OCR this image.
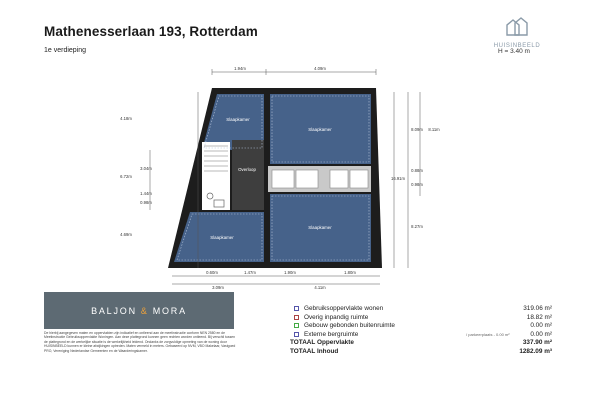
Mathenesserlaan 193, Rotterdam
1e verdieping
HUISINBEELD
H = 3.40 m
Slaapkamer
Slaapkamer
Overloop
Slaapkamer
Slaapkamer
1.94m	4.09m
0.60m	1.47m	1.90m	1.80m
3.09m	4.11m
4.18m
6.72m
4.69m
3.04m
1.44m
0.98m
8.09m 8.11m
0.88m
0.98m
8.27m
16.91m
BALJON & MORA
De hierbij aangegeven maten en oppervlakten zijn indicatief en ontleend aan de meetinstructie conform NEN 2580 en de Meetinstructie Gebruiksoppervlakte Woningen. Aan deze plattegrond kunnen geen rechten worden ontleend. Bij verschil tussen de plattegrond en de werkelijke situatie is de werkelijkheid leidend. Ondanks de zorgvuldige opmeting van de woning door HUISINBEELD kunnen er kleine afwijkingen optreden. Maten vermeld in meters. Gebaseerd op NVM, VBO Makelaar, Vastgoed PRO, Vereniging Nederlandse Gemeenten en de Waarderingskamer.
Gebruiksoppervlakte wonen	319.06 m²
Overig inpandig ruimte	18.82 m²
Gebouw gebonden buitenruimte	0.00 m²
Externe bergruimte	/ parkeerplaats - 0.00 m²	0.00 m²
TOTAAL Oppervlakte	337.90 m²
TOTAAL Inhoud	1282.09 m³
